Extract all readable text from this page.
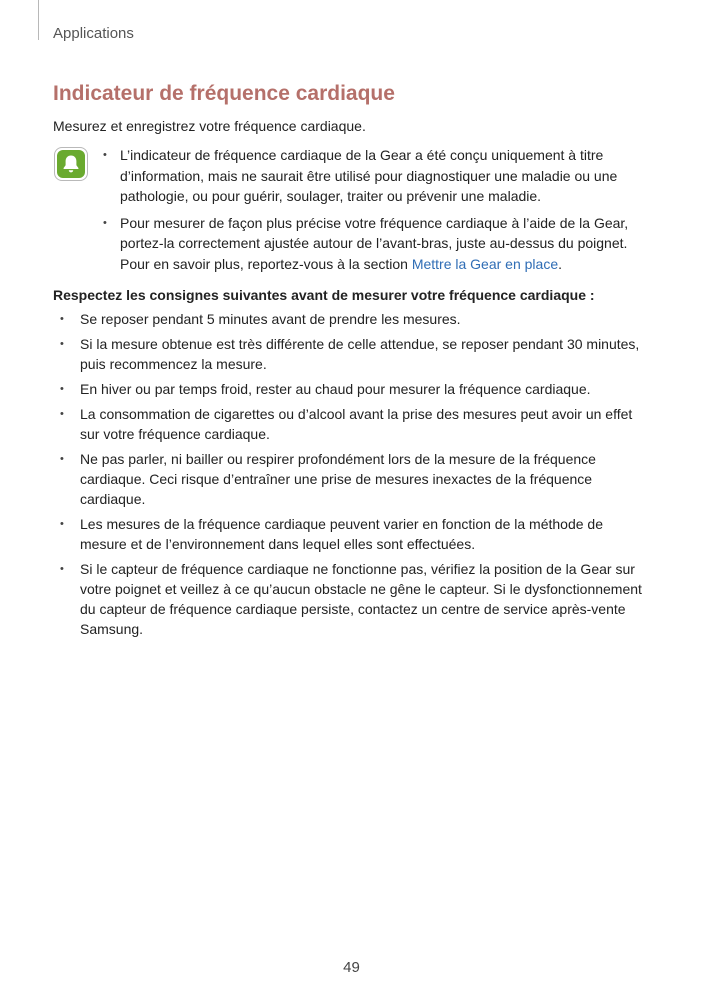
Applications
Indicateur de fréquence cardiaque

Mesurez et enregistrez votre fréquence cardiaque.

• L’indicateur de fréquence cardiaque de la Gear a été conçu uniquement à titre d’information, mais ne saurait être utilisé pour diagnostiquer une maladie ou une pathologie, ou pour guérir, soulager, traiter ou prévenir une maladie.
• Pour mesurer de façon plus précise votre fréquence cardiaque à l’aide de la Gear, portez-la correctement ajustée autour de l’avant-bras, juste au-dessus du poignet. Pour en savoir plus, reportez-vous à la section Mettre la Gear en place.
Respectez les consignes suivantes avant de mesurer votre fréquence cardiaque :
• Se reposer pendant 5 minutes avant de prendre les mesures.
• Si la mesure obtenue est très différente de celle attendue, se reposer pendant 30 minutes, puis recommencez la mesure.
• En hiver ou par temps froid, rester au chaud pour mesurer la fréquence cardiaque.
• La consommation de cigarettes ou d’alcool avant la prise des mesures peut avoir un effet sur votre fréquence cardiaque.
• Ne pas parler, ni bailler ou respirer profondément lors de la mesure de la fréquence cardiaque. Ceci risque d’entraîner une prise de mesures inexactes de la fréquence cardiaque.
• Les mesures de la fréquence cardiaque peuvent varier en fonction de la méthode de mesure et de l’environnement dans lequel elles sont effectuées.
• Si le capteur de fréquence cardiaque ne fonctionne pas, vérifiez la position de la Gear sur votre poignet et veillez à ce qu’aucun obstacle ne gêne le capteur. Si le dysfonctionnement du capteur de fréquence cardiaque persiste, contactez un centre de service après-vente Samsung.
49
